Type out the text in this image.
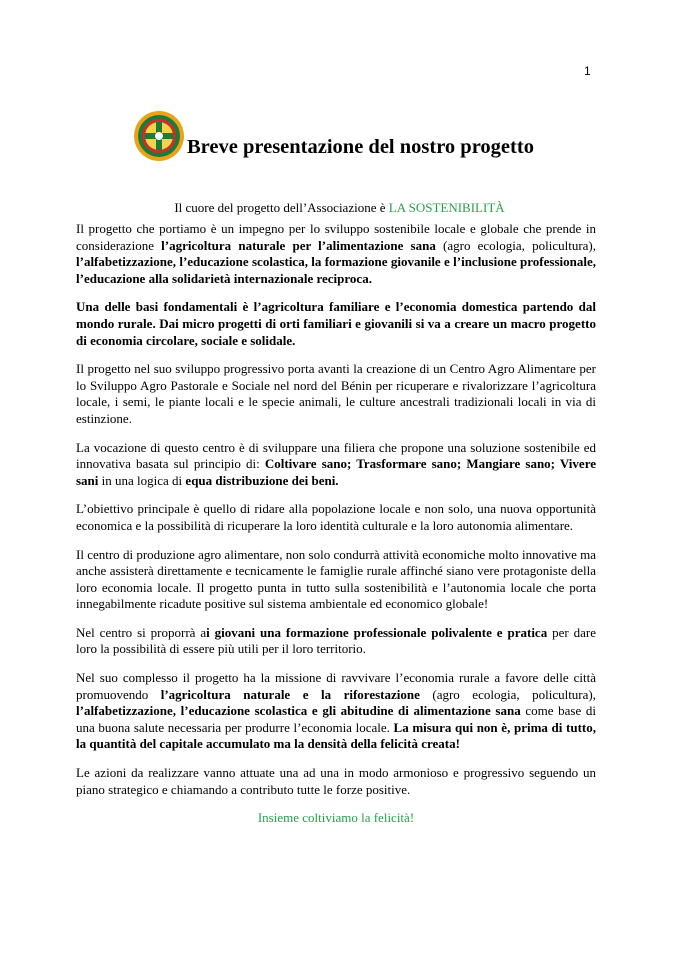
1
Breve presentazione del nostro progetto

Il cuore del progetto dell’Associazione è LA SOSTENIBILITÀ

Il progetto che portiamo è un impegno per lo sviluppo sostenibile locale e globale che prende in considerazione l’agricoltura naturale per l’alimentazione sana (agro ecologia, policultura), l’alfabetizzazione, l’educazione scolastica, la formazione giovanile e l’inclusione professionale, l’educazione alla solidarietà internazionale reciproca.

Una delle basi fondamentali è l’agricoltura familiare e l’economia domestica partendo dal mondo rurale. Dai micro progetti di orti familiari e giovanili si va a creare un macro progetto di economia circolare, sociale e solidale.

Il progetto nel suo sviluppo progressivo porta avanti la creazione di un Centro Agro Alimentare per lo Sviluppo Agro Pastorale e Sociale nel nord del Bénin per ricuperare e rivalorizzare l’agricoltura locale, i semi, le piante locali e le specie animali, le culture ancestrali tradizionali locali in via di estinzione.

La vocazione di questo centro è di sviluppare una filiera che propone una soluzione sostenibile ed innovativa basata sul principio di: Coltivare sano; Trasformare sano; Mangiare sano; Vivere sani in una logica di equa distribuzione dei beni.

L’obiettivo principale è quello di ridare alla popolazione locale e non solo, una nuova opportunità economica e la possibilità di ricuperare la loro identità culturale e la loro autonomia alimentare.

Il centro di produzione agro alimentare, non solo condurrà attività economiche molto innovative ma anche assisterà direttamente e tecnicamente le famiglie rurale affinché siano vere protagoniste della loro economia locale. Il progetto punta in tutto sulla sostenibilità e l’autonomia locale che porta innegabilmente ricadute positive sul sistema ambientale ed economico globale!

Nel centro si proporrà ai giovani una formazione professionale polivalente e pratica per dare loro la possibilità di essere più utili per il loro territorio.

Nel suo complesso il progetto ha la missione di ravvivare l’economia rurale a favore delle città promuovendo l’agricoltura naturale e la riforestazione (agro ecologia, policultura), l’alfabetizzazione, l’educazione scolastica e gli abitudine di alimentazione sana come base di una buona salute necessaria per produrre l’economia locale. La misura qui non è, prima di tutto, la quantità del capitale accumulato ma la densità della felicità creata!

Le azioni da realizzare vanno attuate una ad una in modo armonioso e progressivo seguendo un piano strategico e chiamando a contributo tutte le forze positive.

Insieme coltiviamo la felicità!
